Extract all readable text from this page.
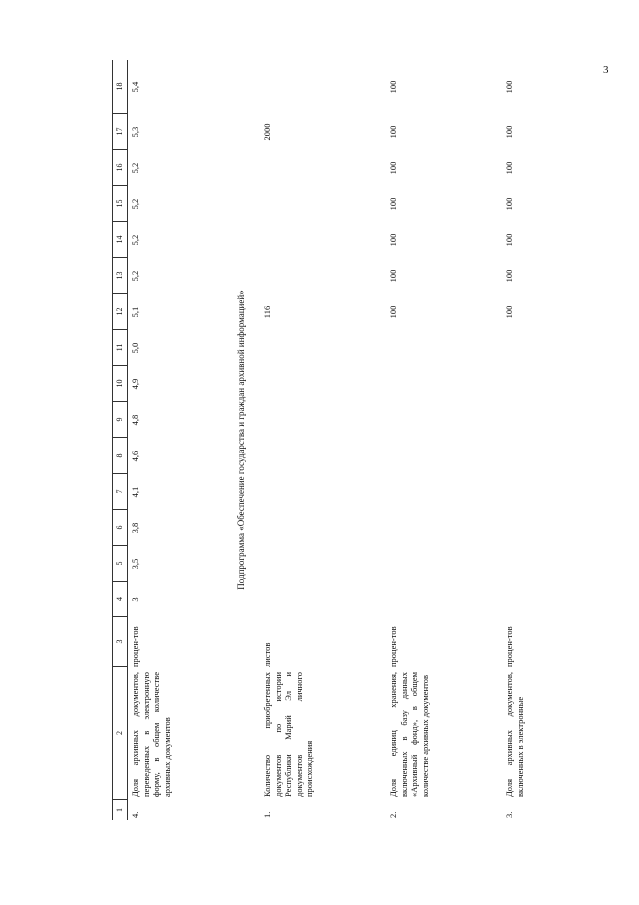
3
1
2
3
4
5
6
7
8
9
10
11
12
13
14
15
16
17
18
4.
Доля архивных документов, переведенных в электронную форму, в общем количестве архивных документов
процен-тов
3
3,5
3,8
4,1
4,6
4,8
4,9
5,0
5,1
5,2
5,2
5,2
5,2
5,3
5,4
Подпрограмма «Обеспечение государства и граждан архивной информацией»
1.
Количество приобретенных документов по истории Республики Марий Эл и документов личного происхождения
листов
116
2000
2.
Доля единиц хранения, включенных в базу данных «Архивный фонд», в общем количестве архивных документов
процен-тов
100
100
100
100
100
100
100
3.
Доля архивных документов, включенных в электронные
процен-тов
100
100
100
100
100
100
100
